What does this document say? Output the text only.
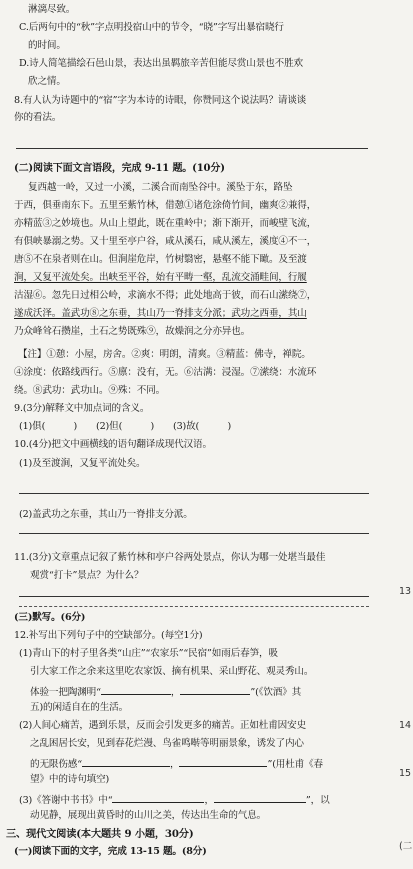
淋漓尽致。
C.后两句中的“秋”字点明投宿山中的节令，“晓”字写出暴宿晓行
的时间。
D.诗人简笔描绘石邑山景，表达出虽羁旅辛苦但能尽赏山景也不胜欢
欣之情。
8.有人认为诗题中的“宿”字为本诗的诗眼，你赞同这个说法吗？请谈谈
你的看法。
(二)阅读下面文言语段，完成 9-11 题。(10分)
复西越一岭，又过一小溪，二溪合而南坠谷中。溪坠于东，路坠
于西，俱垂南东下。五里至紫竹林，借憩①诸危涂倚竹间，幽爽②兼得，
亦精蓝③之妙境也。从山上望此，既在重岭中；渐下渐开，而峻壁飞流，
有俱峡暴溺之势。又十里至亭户谷，咸从溪石，咸从溪左，溪度④不一，
唐⑤不在泉者则在山。但涧崖危岸，竹树翳密，悬壑不能下瞰。及至渡
涧，又复平流处矣。出峡至平谷，始有平畴一壑，乱流交涌畦间，行履
沽湿⑥。忽先日过相公岭，求滴水不得；此处地高于彼，而石山潆绕⑦，
遂成沃泽。盖武功⑧之东垂，其山乃一脊排支分派；武功之西垂，其山
乃众峰耸石攒崖，土石之势既殊⑨，故燥润之分亦异也。
【注】①憩：小屋，房舍。②爽：明朗，清爽。③精蓝：佛寺，禅院。
④涂度：依路线西行。⑤廪：没有，无。⑥沽满：浸湿。⑦潆绕：水流环
绕。⑧武功：武功山。⑨殊：不同。
9.(3分)解释文中加点词的含义。
(1)俱(　　　)　　(2)但(　　　)　　(3)故(　　　)
10.(4分)把文中画横线的语句翻译成现代汉语。
(1)及至渡涧，又复平流处矣。
(2)盖武功之东垂，其山乃一脊排支分派。
11.(3分)文章重点记叙了紫竹林和亭户谷两处景点，你认为哪一处堪当最佳
观赏“打卡”景点？为什么？
(三)默写。(6分)
12.补写出下列句子中的空缺部分。(每空1分)
(1)青山下的村子里各类“山庄”“农家乐”“民宿”如雨后春笋，吸
引大家工作之余来这里吃农家饭、摘有机果、采山野花、观灵秀山。
体验一把陶渊明“	，	”(《饮酒》其
五)的闲适自在的生活。
(2)人间心痛苦，遇到乐景，反而会引发更多的痛苦。正如杜甫因安史
之乱困居长安，见到春花烂漫、鸟雀鸣啭等明丽景象，诱发了内心
的无限伤感“	，	”(用杜甫《春
望》中的诗句填空)
(3)《答谢中书书》中“	，	”，以
动见静，展现出黄昏时的山川之美，传达出生命的气息。
三、现代文阅读(本大题共 9 小题，30分)
(一)阅读下面的文字，完成 13-15 题。(8分)
13
14
15
(二
